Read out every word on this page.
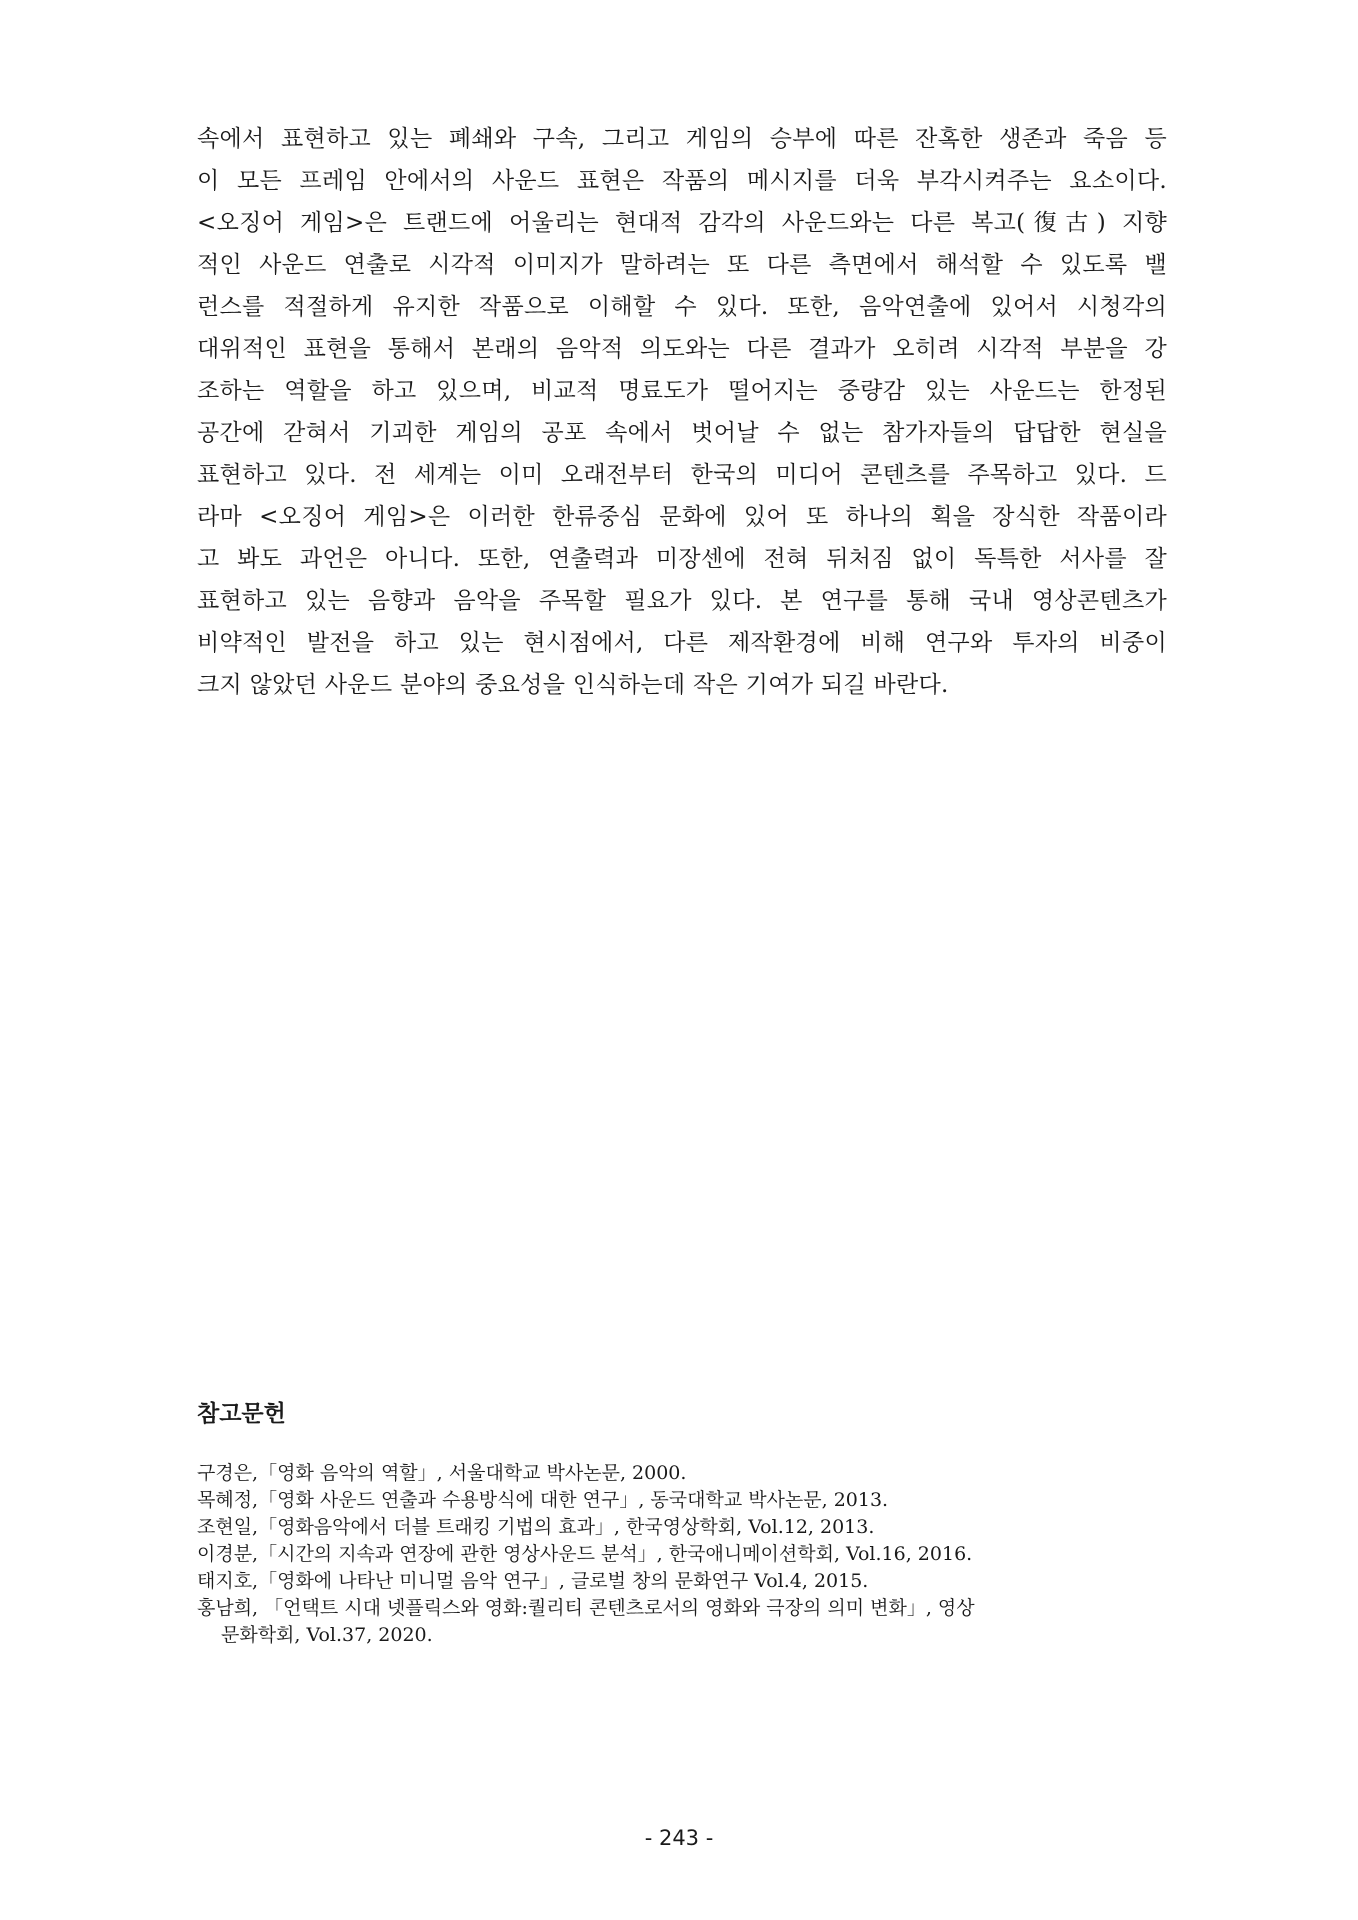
속에서 표현하고 있는 폐쇄와 구속, 그리고 게임의 승부에 따른 잔혹한 생존과 죽음 등
이 모든 프레임 안에서의 사운드 표현은 작품의 메시지를 더욱 부각시켜주는 요소이다.
<오징어 게임>은 트랜드에 어울리는 현대적 감각의 사운드와는 다른 복고(復古) 지향
적인 사운드 연출로 시각적 이미지가 말하려는 또 다른 측면에서 해석할 수 있도록 밸
런스를 적절하게 유지한 작품으로 이해할 수 있다. 또한, 음악연출에 있어서 시청각의
대위적인 표현을 통해서 본래의 음악적 의도와는 다른 결과가 오히려 시각적 부분을 강
조하는 역할을 하고 있으며, 비교적 명료도가 떨어지는 중량감 있는 사운드는 한정된
공간에 갇혀서 기괴한 게임의 공포 속에서 벗어날 수 없는 참가자들의 답답한 현실을
표현하고 있다. 전 세계는 이미 오래전부터 한국의 미디어 콘텐츠를 주목하고 있다. 드
라마 <오징어 게임>은 이러한 한류중심 문화에 있어 또 하나의 획을 장식한 작품이라
고 봐도 과언은 아니다. 또한, 연출력과 미장센에 전혀 뒤처짐 없이 독특한 서사를 잘
표현하고 있는 음향과 음악을 주목할 필요가 있다. 본 연구를 통해 국내 영상콘텐츠가
비약적인 발전을 하고 있는 현시점에서, 다른 제작환경에 비해 연구와 투자의 비중이
크지 않았던 사운드 분야의 중요성을 인식하는데 작은 기여가 되길 바란다.
참고문헌
구경은,「영화 음악의 역할」, 서울대학교 박사논문, 2000.
목혜정,「영화 사운드 연출과 수용방식에 대한 연구」, 동국대학교 박사논문, 2013.
조현일,「영화음악에서 더블 트래킹 기법의 효과」, 한국영상학회, Vol.12, 2013.
이경분,「시간의 지속과 연장에 관한 영상사운드 분석」, 한국애니메이션학회, Vol.16, 2016.
태지호,「영화에 나타난 미니멀 음악 연구」, 글로벌 창의 문화연구 Vol.4, 2015.
홍남희, 「언택트 시대 넷플릭스와 영화:퀄리티 콘텐츠로서의 영화와 극장의 의미 변화」, 영상
문화학회, Vol.37, 2020.
- 243 -
